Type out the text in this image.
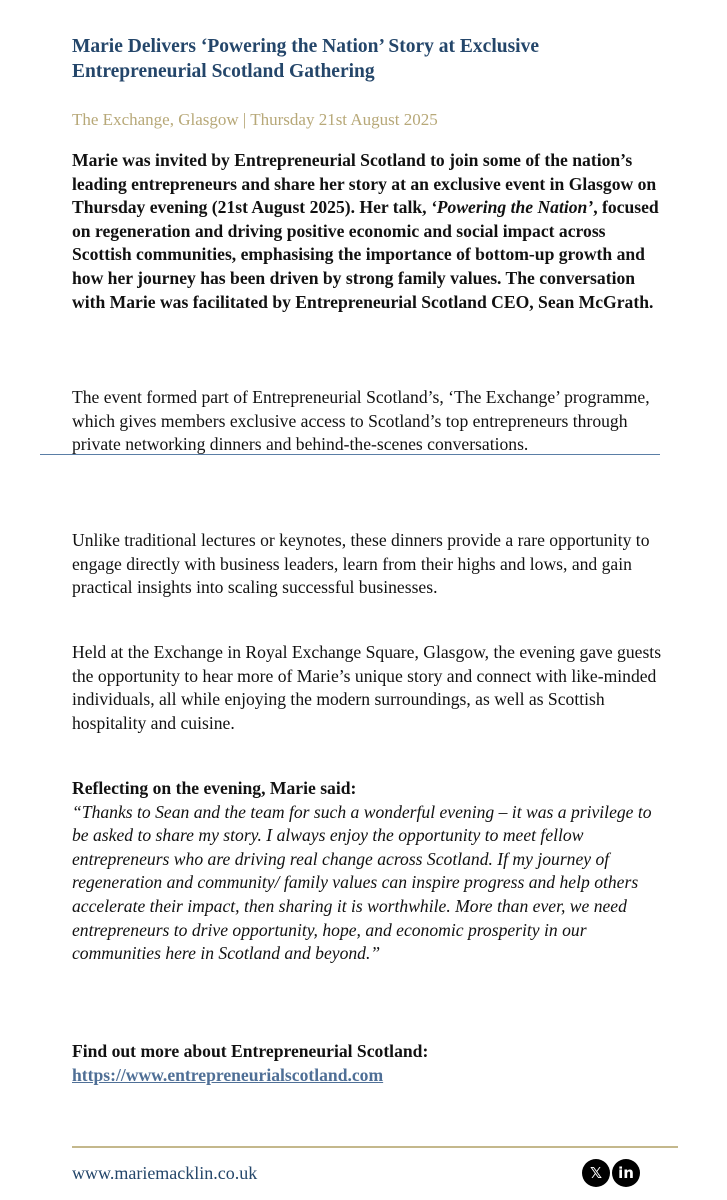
Marie Delivers ‘Powering the Nation’ Story at Exclusive Entrepreneurial Scotland Gathering
The Exchange, Glasgow | Thursday 21st August 2025

Marie was invited by Entrepreneurial Scotland to join some of the nation’s leading entrepreneurs and share her story at an exclusive event in Glasgow on Thursday evening (21st August 2025). Her talk, ‘Powering the Nation’, focused on regeneration and driving positive economic and social impact across Scottish communities, emphasising the importance of bottom-up growth and how her journey has been driven by strong family values. The conversation with Marie was facilitated by Entrepreneurial Scotland CEO, Sean McGrath.

The event formed part of Entrepreneurial Scotland’s, ‘The Exchange’ programme, which gives members exclusive access to Scotland’s top entrepreneurs through private networking dinners and behind-the-scenes conversations.

Unlike traditional lectures or keynotes, these dinners provide a rare opportunity to engage directly with business leaders, learn from their highs and lows, and gain practical insights into scaling successful businesses.

Held at the Exchange in Royal Exchange Square, Glasgow, the evening gave guests the opportunity to hear more of Marie’s unique story and connect with like-minded individuals, all while enjoying the modern surroundings, as well as Scottish hospitality and cuisine.

Reflecting on the evening, Marie said:
“Thanks to Sean and the team for such a wonderful evening – it was a privilege to be asked to share my story. I always enjoy the opportunity to meet fellow entrepreneurs who are driving real change across Scotland. If my journey of regeneration and community/ family values can inspire progress and help others accelerate their impact, then sharing it is worthwhile. More than ever, we need entrepreneurs to drive opportunity, hope, and economic prosperity in our communities here in Scotland and beyond.”

Find out more about Entrepreneurial Scotland:
https://www.entrepreneurialscotland.com

www.mariemacklin.co.uk	𝕏	in
